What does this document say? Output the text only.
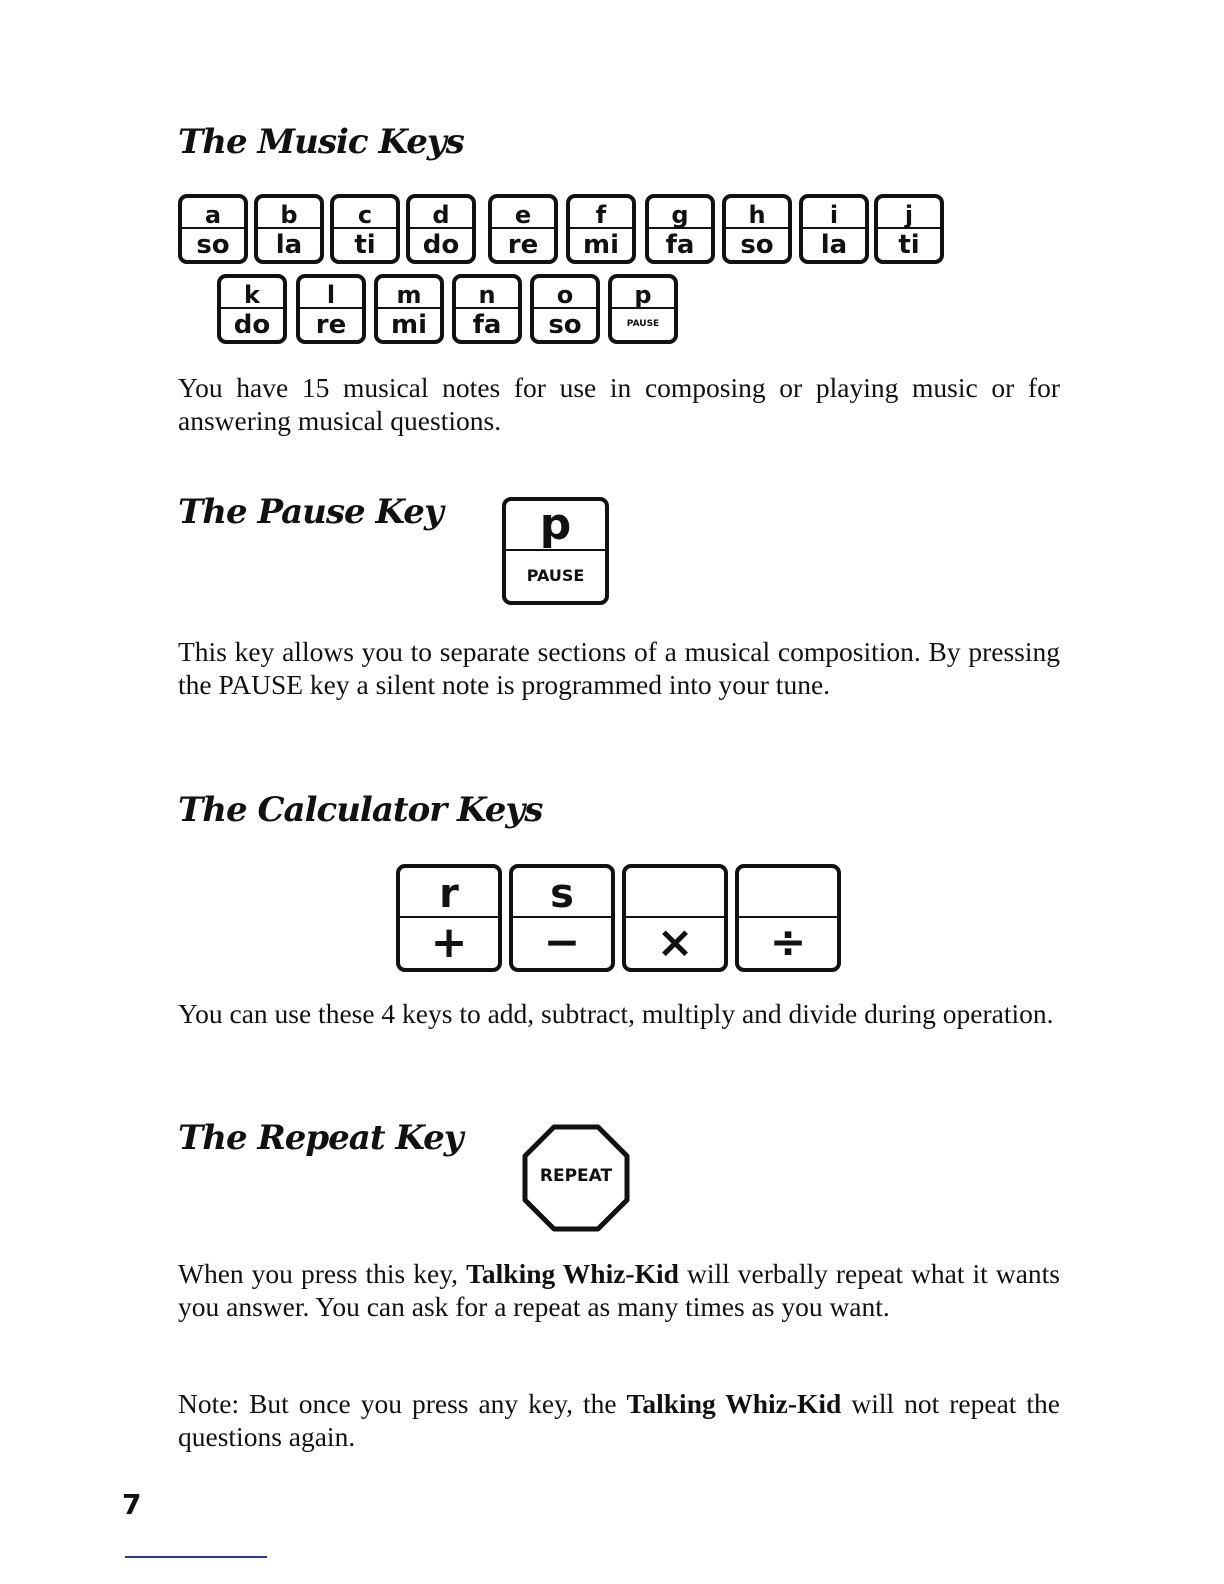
The Music Keys
a
so
b
la
c
ti
d
do
e
re
f
mi
g
fa
h
so
i
la
j
ti
k
do
l
re
m
mi
n
fa
o
so
p
PAUSE

You have 15 musical notes for use in composing or playing music or for answering musical questions.

The Pause Key	p
PAUSE

This key allows you to separate sections of a musical composition. By pressing the PAUSE key a silent note is programmed into your tune.

The Calculator Keys
r
+
s
−	×	÷

You can use these 4 keys to add, subtract, multiply and divide during operation.

The Repeat Key
REPEAT

When you press this key, Talking Whiz-Kid will verbally repeat what it wants you answer. You can ask for a repeat as many times as you want.

Note: But once you press any key, the Talking Whiz-Kid will not repeat the questions again.

7
